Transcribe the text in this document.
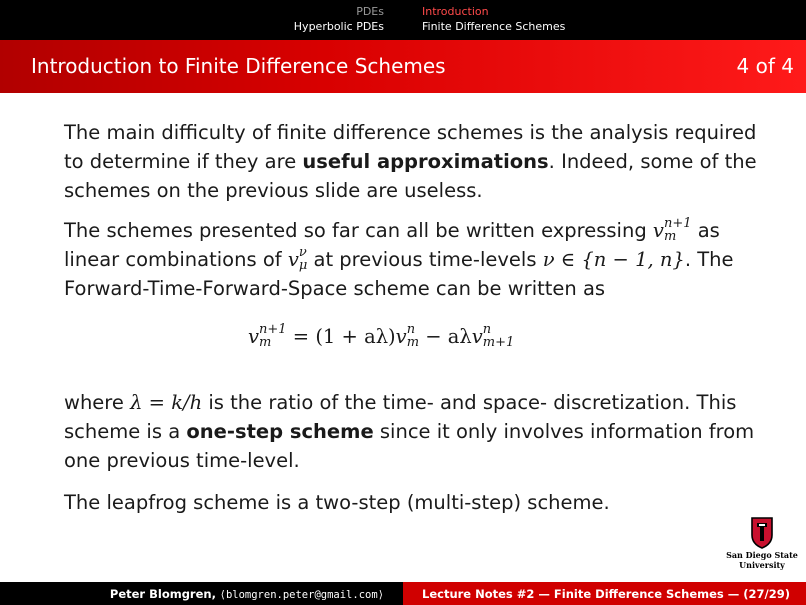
PDEs
Hyperbolic PDEs
Introduction
Finite Difference Schemes
Introduction to Finite Difference Schemes	4 of 4

The main difficulty of finite difference schemes is the analysis required to determine if they are useful approximations. Indeed, some of the schemes on the previous slide are useless.

The schemes presented so far can all be written expressing v n+1
m as linear combinations of v ν
μ at previous time-levels ν ∈ {n − 1, n}. The Forward-Time-Forward-Space scheme can be written as

v n+1
m = (1 + aλ)v n
m − aλv n
m+1

where λ = k/h is the ratio of the time- and space- discretization. This scheme is a one-step scheme since it only involves information from one previous time-level.

The leapfrog scheme is a two-step (multi-step) scheme.

San Diego State
University
Peter Blomgren, ⟨blomgren.peter@gmail.com⟩	Lecture Notes #2 — Finite Difference Schemes — (27/29)
